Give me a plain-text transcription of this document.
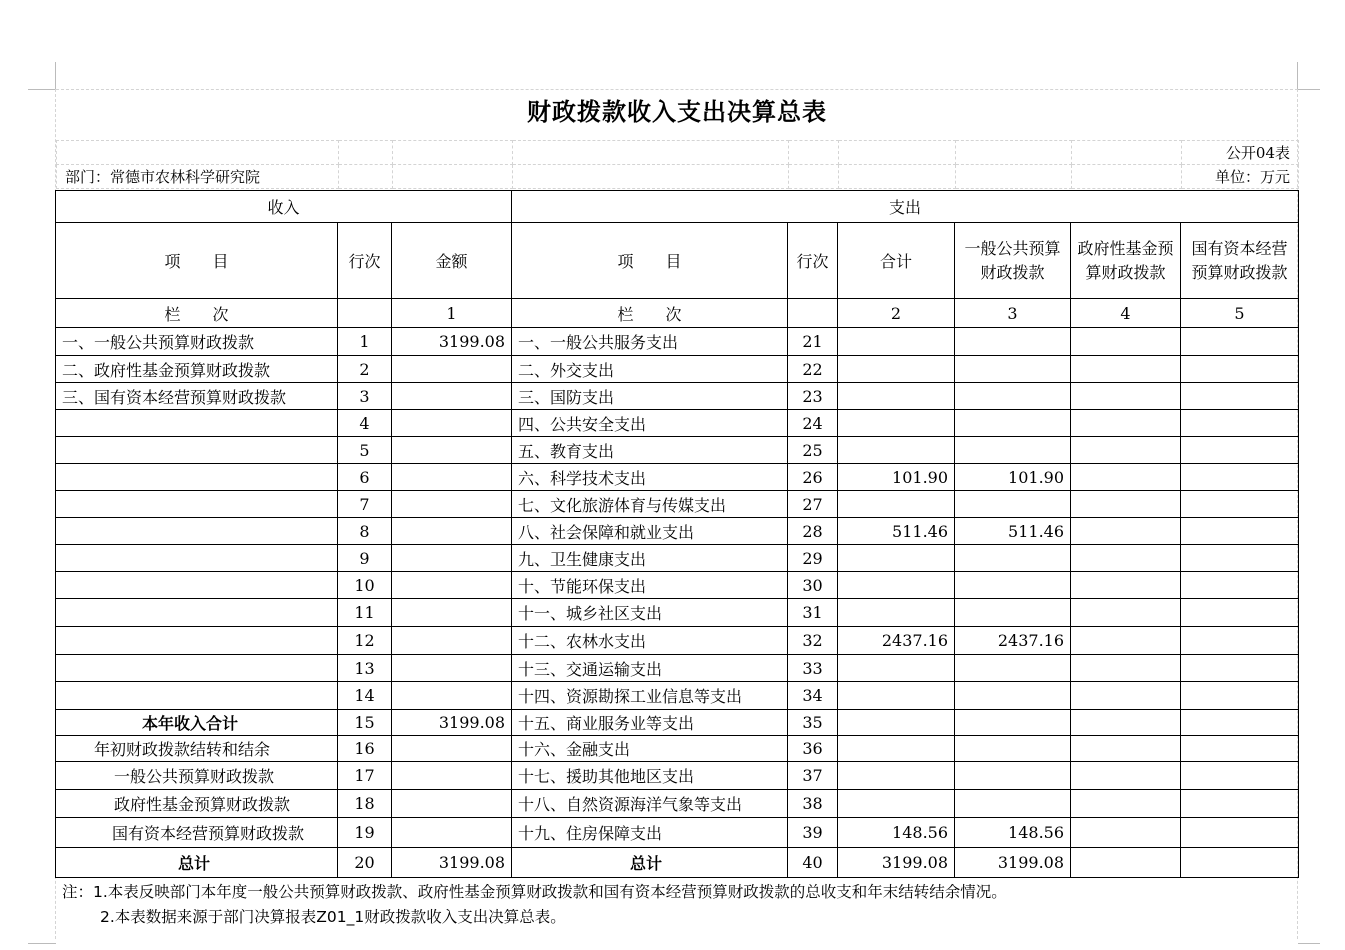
财政拨款收入支出决算总表
								公开04表
部门：常德市农林科学研究院								单位：万元
收入			支出					
项　　目	行次	金额	项　　目	行次	合计	一般公共预算财政拨款	政府性基金预算财政拨款	国有资本经营预算财政拨款
栏　　次		1	栏　　次		2	3	4	5
一、一般公共预算财政拨款	1	3199.08	一、一般公共服务支出	21				
二、政府性基金预算财政拨款	2		二、外交支出	22				
三、国有资本经营预算财政拨款	3		三、国防支出	23				
	4		四、公共安全支出	24				
	5		五、教育支出	25				
	6		六、科学技术支出	26	101.90	101.90		
	7		七、文化旅游体育与传媒支出	27				
	8		八、社会保障和就业支出	28	511.46	511.46		
	9		九、卫生健康支出	29				
	10		十、节能环保支出	30				
	11		十一、城乡社区支出	31				
	12		十二、农林水支出	32	2437.16	2437.16		
	13		十三、交通运输支出	33				
	14		十四、资源勘探工业信息等支出	34				
本年收入合计	15	3199.08	十五、商业服务业等支出	35				
年初财政拨款结转和结余	16		十六、金融支出	36				
一般公共预算财政拨款	17		十七、援助其他地区支出	37				
政府性基金预算财政拨款	18		十八、自然资源海洋气象等支出	38				
国有资本经营预算财政拨款	19		十九、住房保障支出	39	148.56	148.56		
总计	20	3199.08	总计	40	3199.08	3199.08		
注：1.本表反映部门本年度一般公共预算财政拨款、政府性基金预算财政拨款和国有资本经营预算财政拨款的总收支和年末结转结余情况。
2.本表数据来源于部门决算报表Z01_1财政拨款收入支出决算总表。
